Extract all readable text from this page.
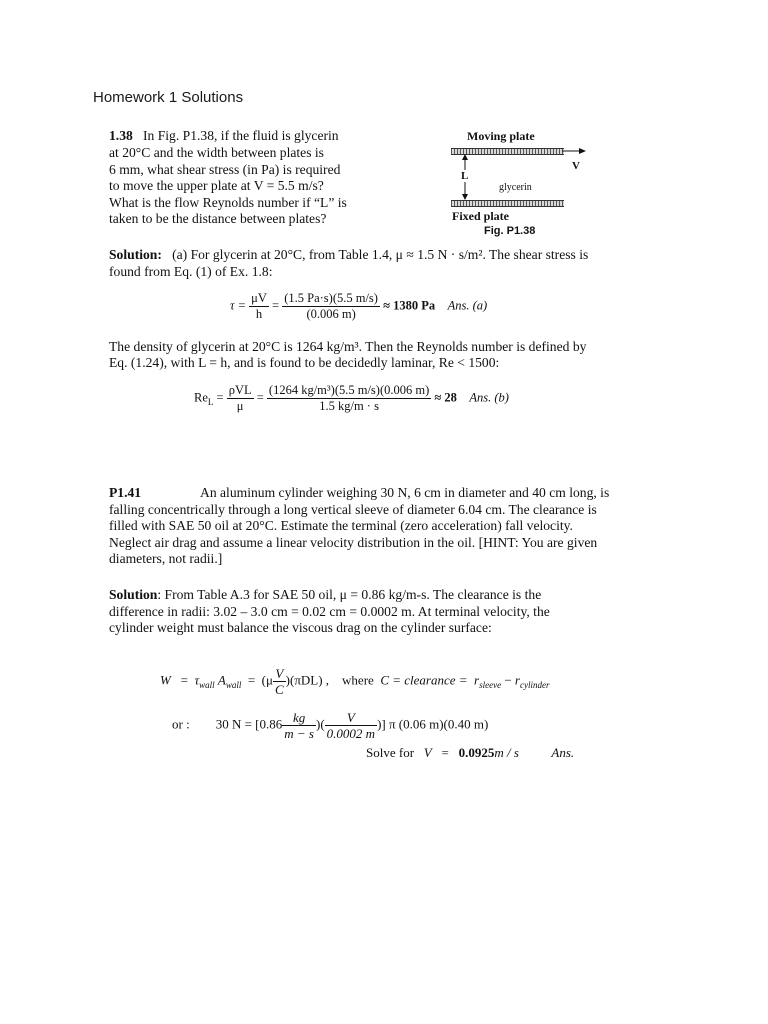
Homework 1 Solutions
1.38 In Fig. P1.38, if the fluid is glycerin
at 20°C and the width between plates is
6 mm, what shear stress (in Pa) is required
to move the upper plate at V = 5.5 m/s?
What is the flow Reynolds number if “L” is
taken to be the distance between plates?
Moving plate
V
L
glycerin
Fixed plate
Fig. P1.38
Solution: (a) For glycerin at 20°C, from Table 1.4, μ ≈ 1.5 N · s/m². The shear stress is
found from Eq. (1) of Ex. 1.8:
$\tau = \frac{\mu V}{h} = \frac{(1.5 Pa\cdot s)(5.5 m/s)}{(0.006 m)} \approx 1380$ Pa Ans. (a)
The density of glycerin at 20°C is 1264 kg/m³. Then the Reynolds number is defined by
Eq. (1.24), with L = h, and is found to be decidedly laminar, Re < 1500:
$Re_L = \frac{\text{ρVL}}{\mu} = \frac{\text{(1264 kg/m³)(5.5 m/s)(0.006 m)}}{1.5 kg/m \cdot s} \approx 28$ Ans. (b)
P1.41	An aluminum cylinder weighing 30 N, 6 cm in diameter and 40 cm long, is
falling concentrically through a long vertical sleeve of diameter 6.04 cm. The clearance is
filled with SAE 50 oil at 20°C. Estimate the terminal (zero acceleration) fall velocity.
Neglect air drag and assume a linear velocity distribution in the oil. [HINT: You are given
diameters, not radii.]
Solution: From Table A.3 for SAE 50 oil, μ = 0.86 kg/m-s. The clearance is the
difference in radii: 3.02 – 3.0 cm = 0.02 cm = 0.0002 m. At terminal velocity, the
cylinder weight must balance the viscous drag on the cylinder surface:
$W = \tau_{wall}$ $A_{wall} = (\mu \frac{V}{C} )(\pi DL)$ , where C = clearance = $r_{sleeve} - r_{cylinder}$
or : 30 $N = [0.86 \frac{kg}{m - s}$ )( $\frac{V}{0.0002 m}$ )] π (0.06 m)(0.40 m)
Solve for V = 0.0925m / s	Ans.
